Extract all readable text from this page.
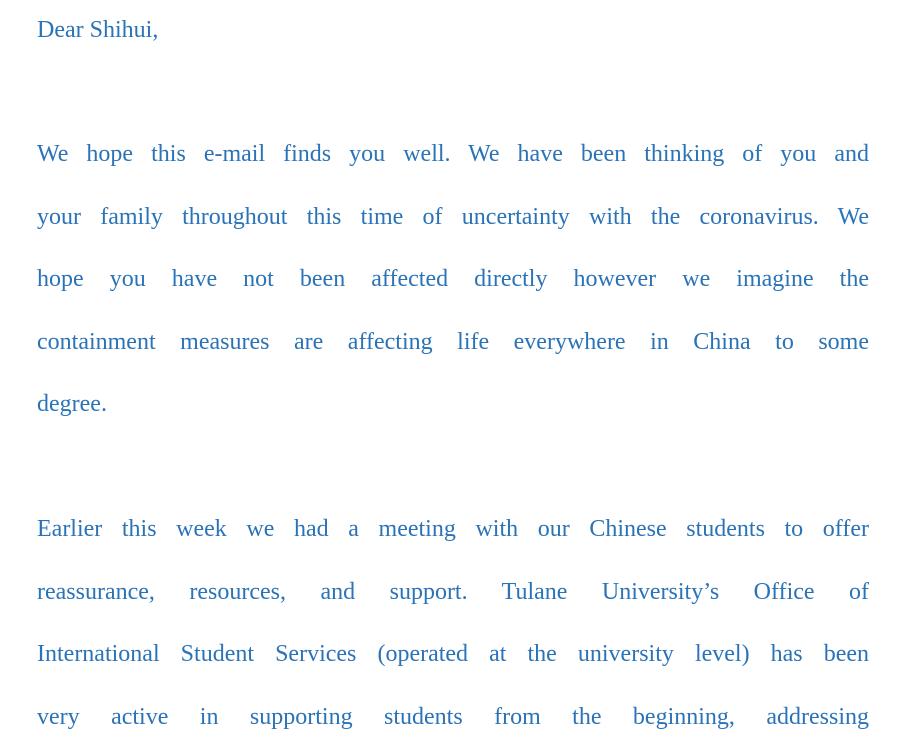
Dear Shihui,

We hope this e-mail finds you well. We have been thinking of you and
your family throughout this time of uncertainty with the coronavirus. We
hope you have not been affected directly however we imagine the
containment measures are affecting life everywhere in China to some
degree.
Earlier this week we had a meeting with our Chinese students to offer
reassurance, resources, and support. Tulane University’s Office of
International Student Services (operated at the university level) has been
very active in supporting students from the beginning, addressing
